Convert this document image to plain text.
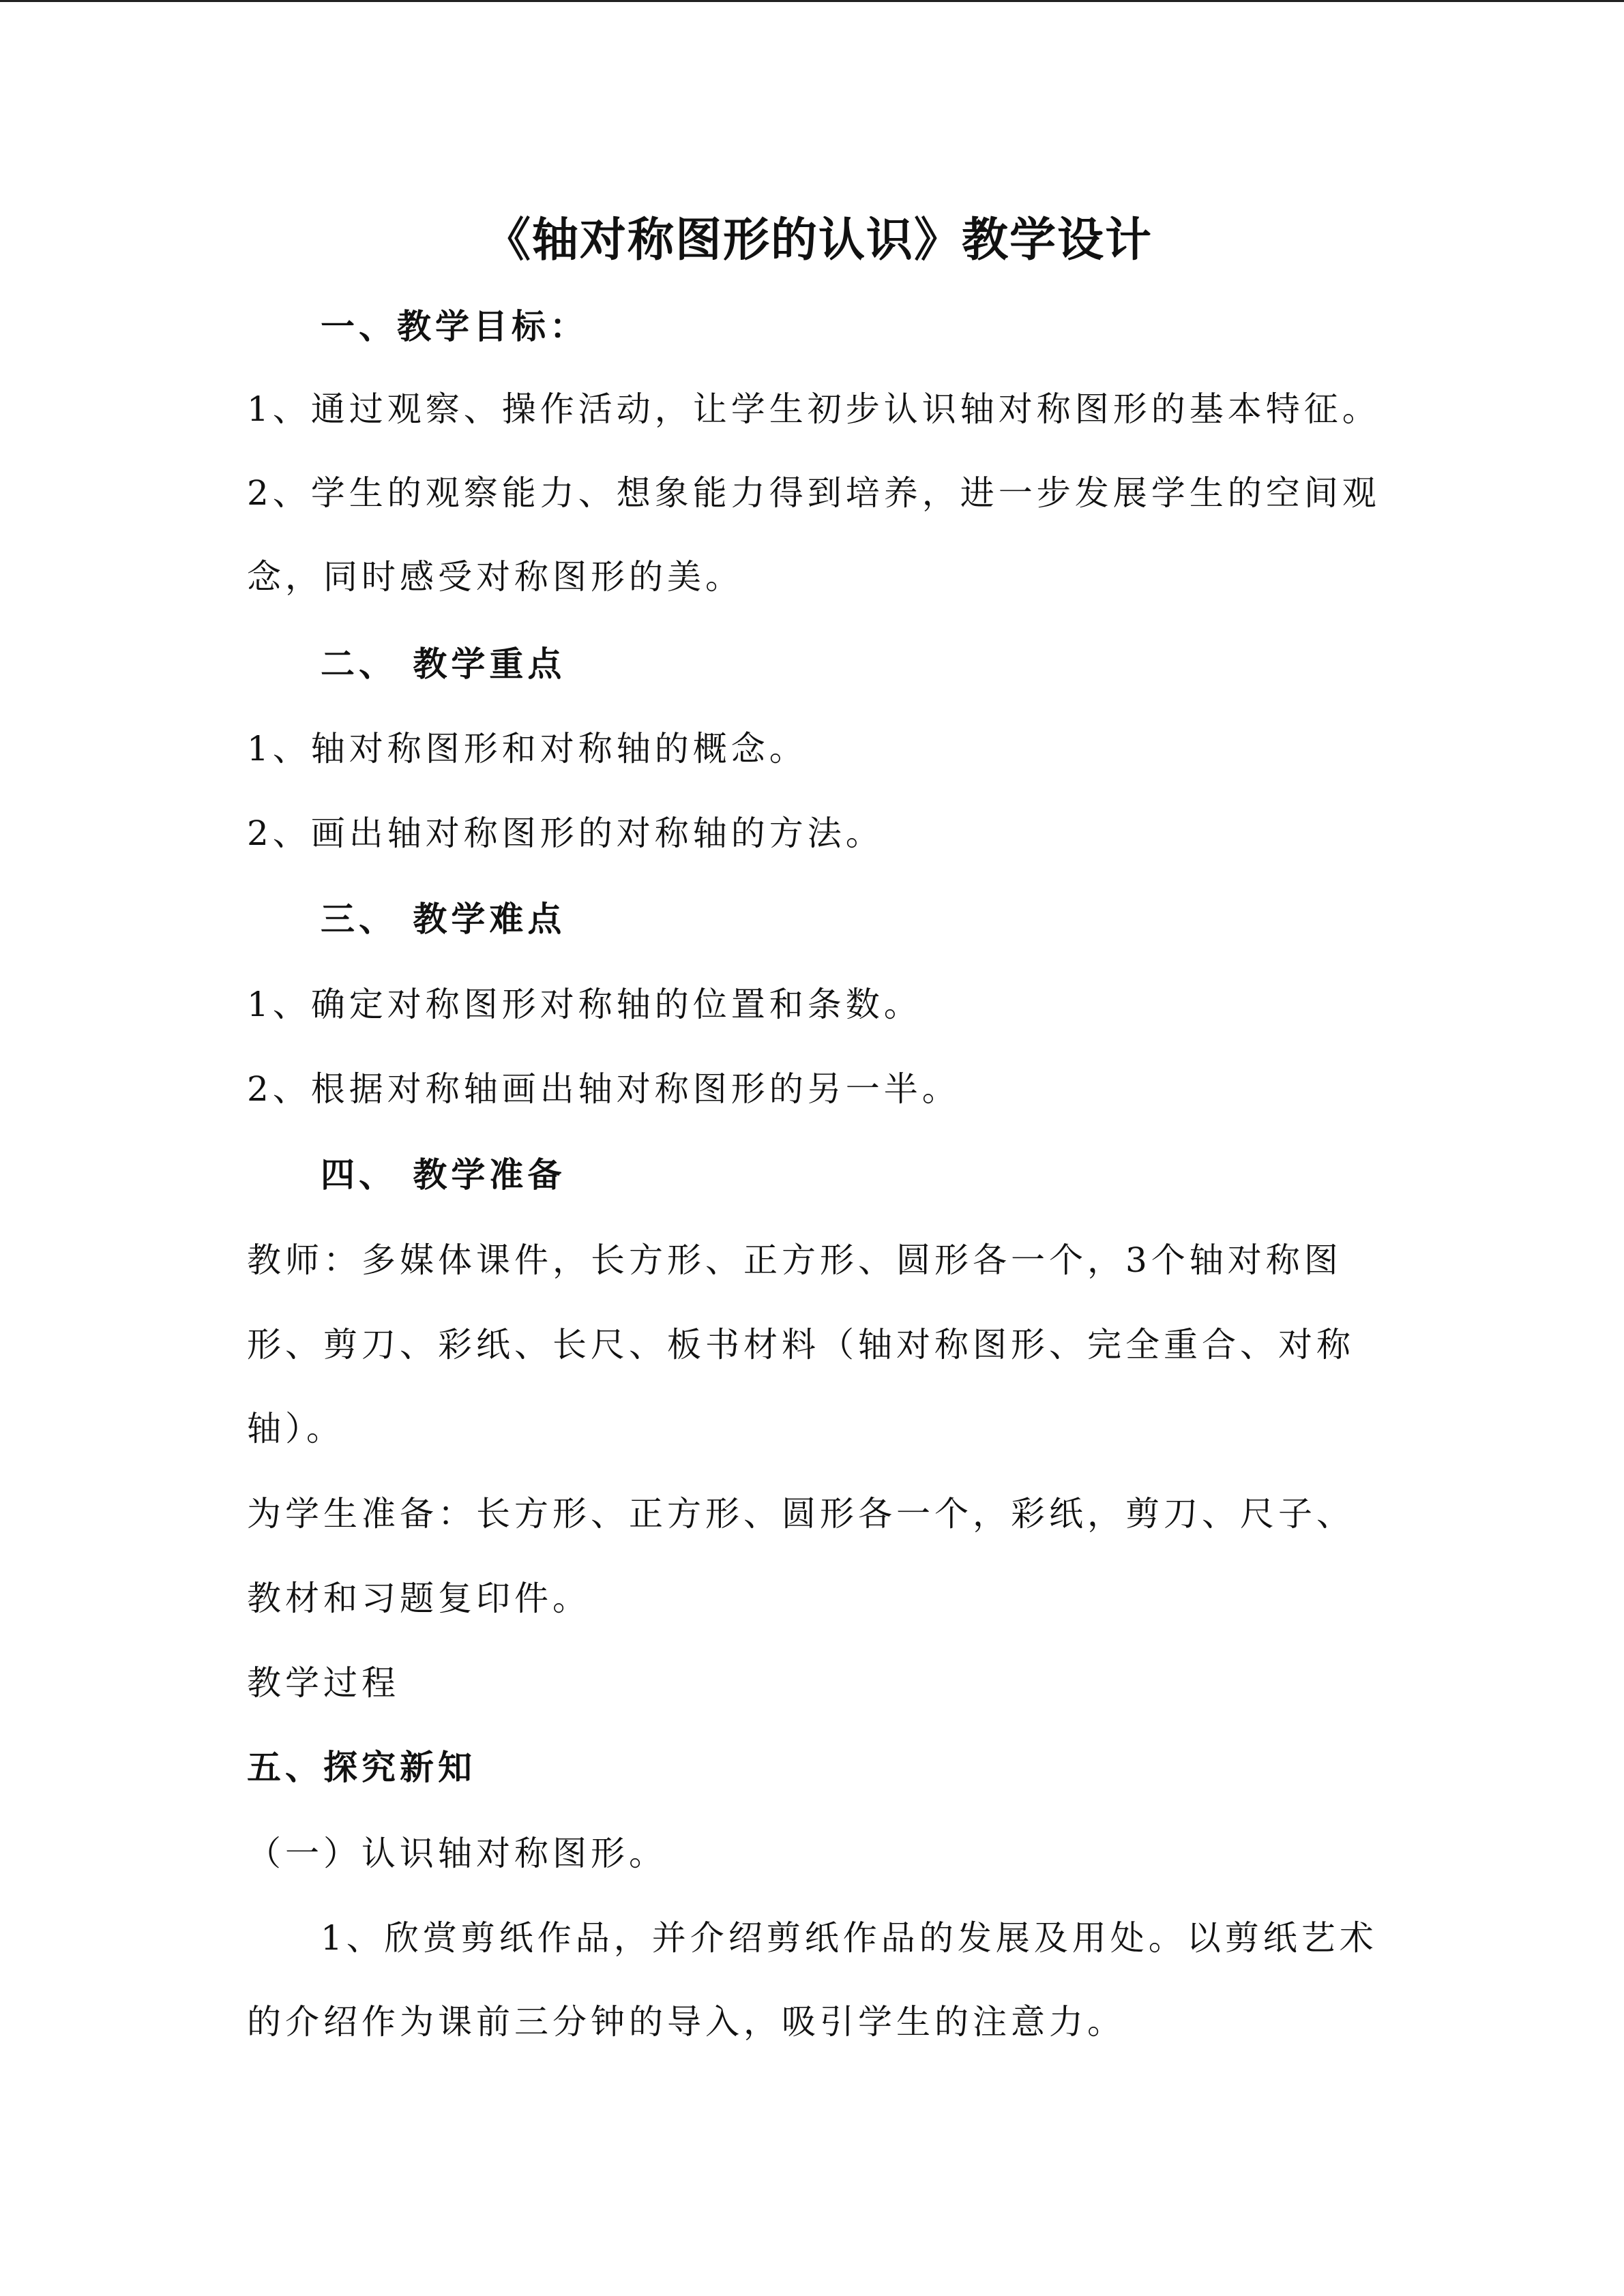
《轴对称图形的认识》教学设计
一、教学目标：
1、通过观察、操作活动，让学生初步认识轴对称图形的基本特征。
2、学生的观察能力、想象能力得到培养，进一步发展学生的空间观
念，同时感受对称图形的美。
二、 教学重点
1、轴对称图形和对称轴的概念。
2、画出轴对称图形的对称轴的方法。
三、 教学难点
1、确定对称图形对称轴的位置和条数。
2、根据对称轴画出轴对称图形的另一半。
四、 教学准备
教师：多媒体课件，长方形、正方形、圆形各一个，3个轴对称图
形、剪刀、彩纸、长尺、板书材料（轴对称图形、完全重合、对称
轴）。
为学生准备：长方形、正方形、圆形各一个，彩纸，剪刀、尺子、
教材和习题复印件。
教学过程
五、探究新知
（一）认识轴对称图形。
1、欣赏剪纸作品，并介绍剪纸作品的发展及用处。以剪纸艺术
的介绍作为课前三分钟的导入，吸引学生的注意力。
